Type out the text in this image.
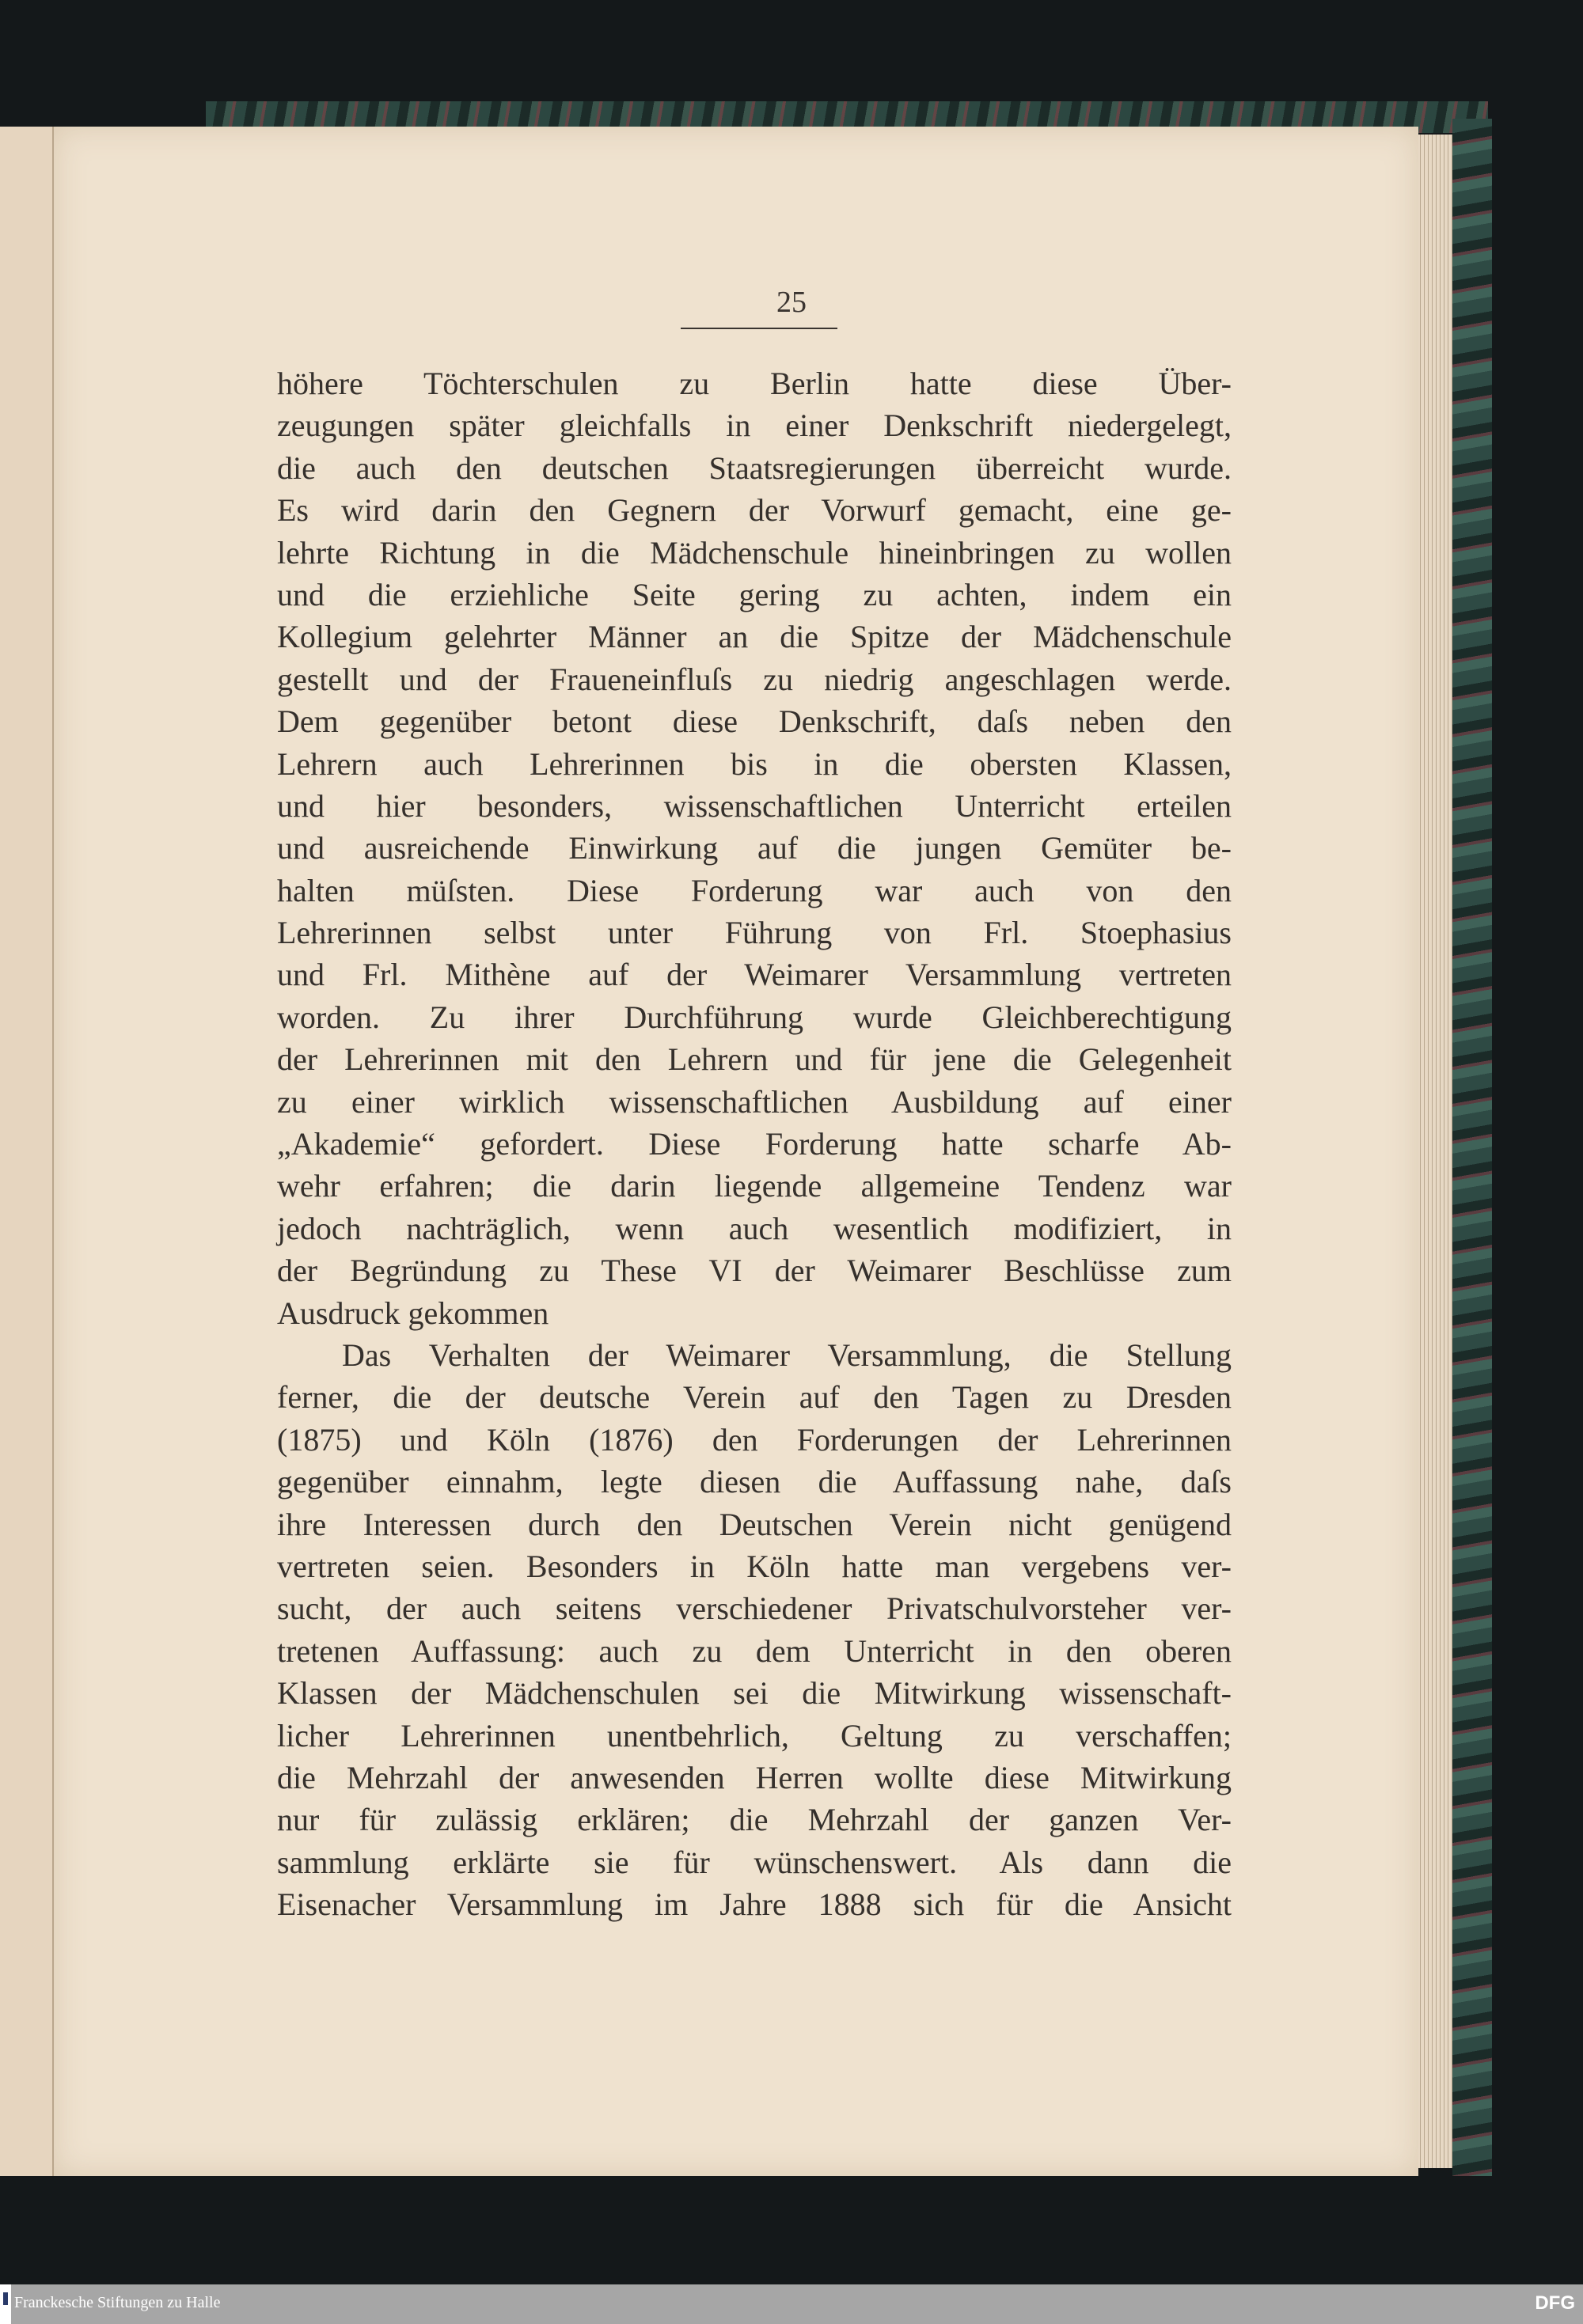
25
höhere Töchterschulen zu Berlin hatte diese Über-
zeugungen später gleichfalls in einer Denkschrift niedergelegt,
die auch den deutschen Staatsregierungen überreicht wurde.
Es wird darin den Gegnern der Vorwurf gemacht, eine ge-
lehrte Richtung in die Mädchenschule hineinbringen zu wollen
und die erziehliche Seite gering zu achten, indem ein
Kollegium gelehrter Männer an die Spitze der Mädchenschule
gestellt und der Fraueneinfluſs zu niedrig angeschlagen werde.
Dem gegenüber betont diese Denkschrift, daſs neben den
Lehrern auch Lehrerinnen bis in die obersten Klassen,
und hier besonders, wissenschaftlichen Unterricht erteilen
und ausreichende Einwirkung auf die jungen Gemüter be-
halten müſsten. Diese Forderung war auch von den
Lehrerinnen selbst unter Führung von Frl. Stoephasius
und Frl. Mithène auf der Weimarer Versammlung vertreten
worden. Zu ihrer Durchführung wurde Gleichberechtigung
der Lehrerinnen mit den Lehrern und für jene die Gelegenheit
zu einer wirklich wissenschaftlichen Ausbildung auf einer
„Akademie“ gefordert. Diese Forderung hatte scharfe Ab-
wehr erfahren; die darin liegende allgemeine Tendenz war
jedoch nachträglich, wenn auch wesentlich modifiziert, in
der Begründung zu These VI der Weimarer Beschlüsse zum
Ausdruck gekommen
Das Verhalten der Weimarer Versammlung, die Stellung
ferner, die der deutsche Verein auf den Tagen zu Dresden
(1875) und Köln (1876) den Forderungen der Lehrerinnen
gegenüber einnahm, legte diesen die Auffassung nahe, daſs
ihre Interessen durch den Deutschen Verein nicht genügend
vertreten seien. Besonders in Köln hatte man vergebens ver-
sucht, der auch seitens verschiedener Privatschulvorsteher ver-
tretenen Auffassung: auch zu dem Unterricht in den oberen
Klassen der Mädchenschulen sei die Mitwirkung wissenschaft-
licher Lehrerinnen unentbehrlich, Geltung zu verschaffen;
die Mehrzahl der anwesenden Herren wollte diese Mitwirkung
nur für zulässig erklären; die Mehrzahl der ganzen Ver-
sammlung erklärte sie für wünschenswert. Als dann die
Eisenacher Versammlung im Jahre 1888 sich für die Ansicht
Franckesche Stiftungen zu Halle	DFG
